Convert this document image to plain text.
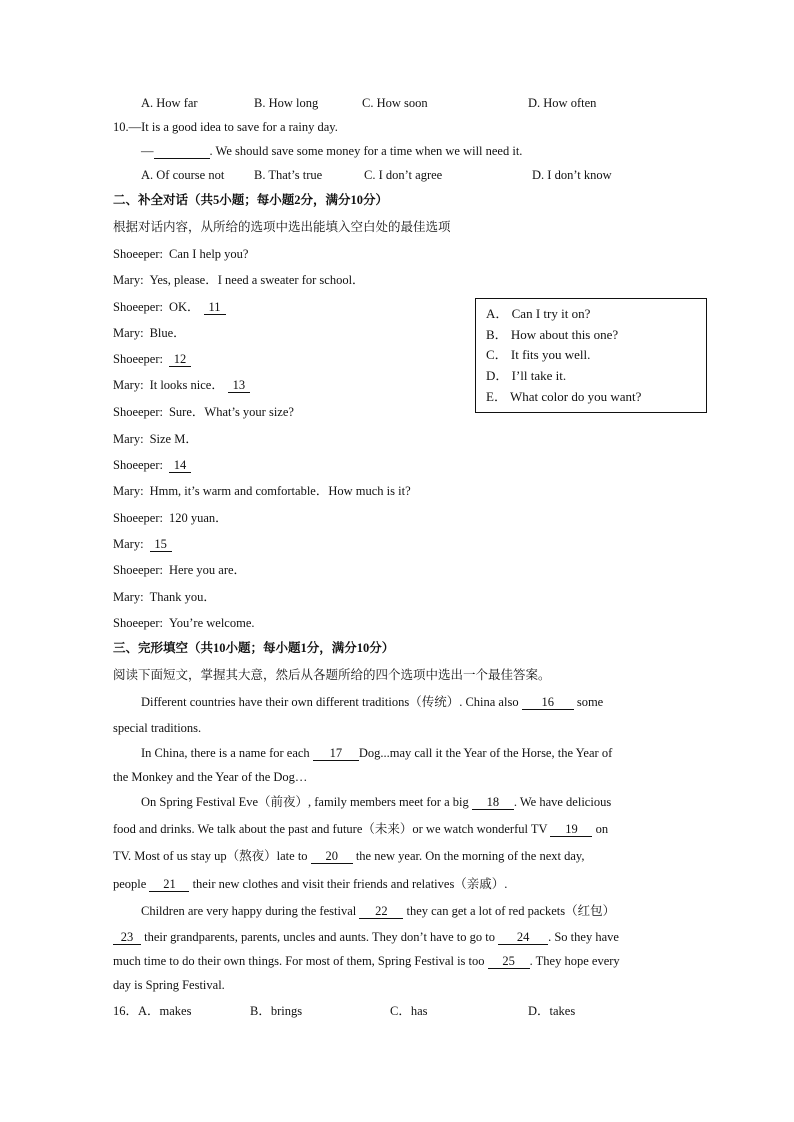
A. How far	B. How long	C. How soon	D. How often
10.—It is a good idea to save for a rainy day.
—	. We should save some money for a time when we will need it.
A. Of course not B. That’s true	C. I don’t agree	D. I don’t know
二、补全对话（共5小题；每小题2分，满分10分）
根据对话内容，从所给的选项中选出能填入空白处的最佳选项
Shoeeper: Can I help you?
Mary: Yes, please．I need a sweater for school．
Shoeeper: OK． 11
Mary: Blue．
Shoeeper: 12
Mary: It looks nice． 13
Shoeeper: Sure．What’s your size?
Mary: Size M．
Shoeeper: 14
Mary: Hmm, it’s warm and comfortable．How much is it?
Shoeeper: 120 yuan．
Mary: 15
Shoeeper: Here you are．
Mary: Thank you．
Shoeeper: You’re welcome.
A． Can I try it on?
B． How about this one?
C． It fits you well.
D． I’ll take it.
E． What color do you want?
三、完形填空（共10小题；每小题1分，满分10分）
阅读下面短文，掌握其大意，然后从各题所给的四个选项中选出一个最佳答案。
Different countries have their own different traditions（传统）. China also 16 some
special traditions.
In China, there is a name for each 17 Dog...may call it the Year of the Horse, the Year of
the Monkey and the Year of the Dog…
On Spring Festival Eve（前夜）, family members meet for a big 18 . We have delicious
food and drinks. We talk about the past and future（未来）or we watch wonderful TV 19 on
TV. Most of us stay up（熬夜）late to 20 the new year. On the morning of the next day,
people 21 their new clothes and visit their friends and relatives（亲戚）.
Children are very happy during the festival 22 they can get a lot of red packets（红包）
23 their grandparents, parents, uncles and aunts. They don’t have to go to 24 . So they have
much time to do their own things. For most of them, Spring Festival is too 25 . They hope every
day is Spring Festival.
16． A．makes	B．brings	C．has	D．takes
